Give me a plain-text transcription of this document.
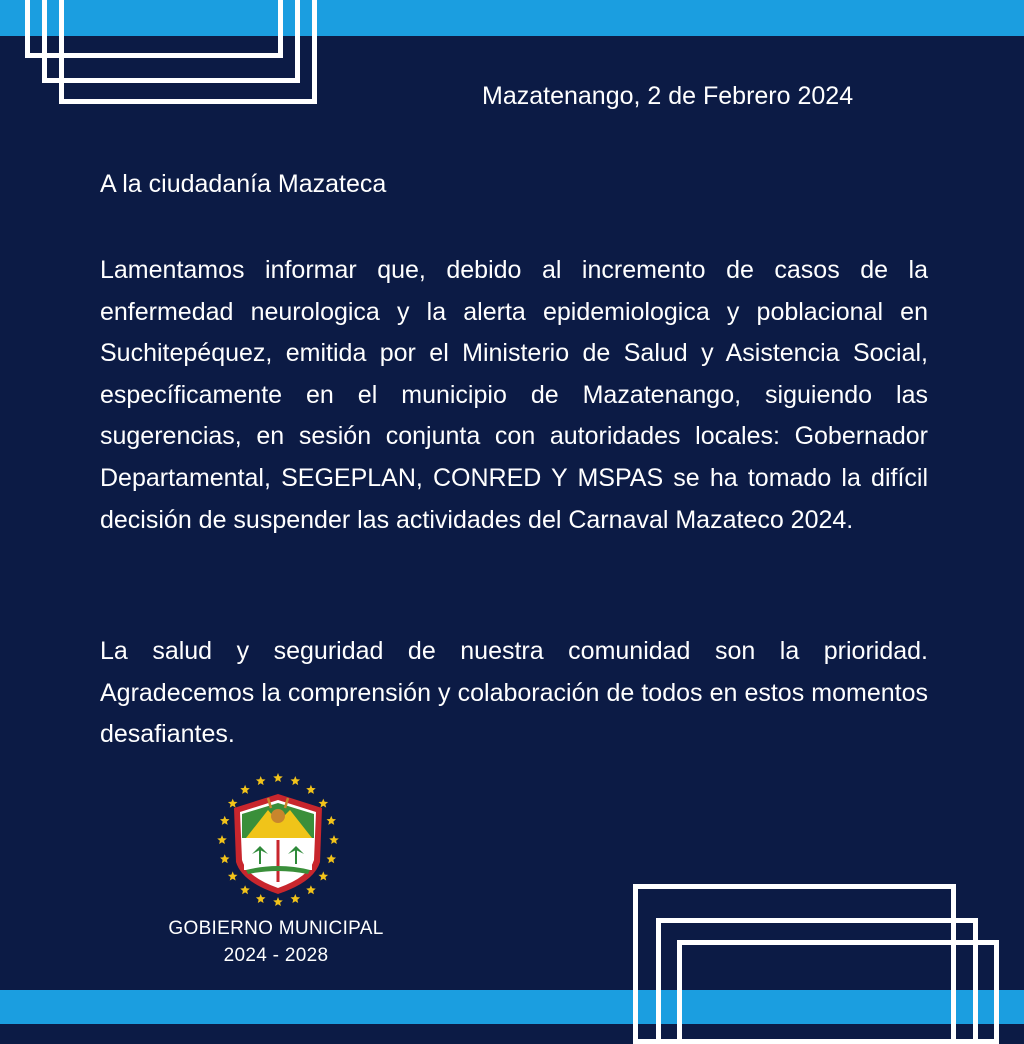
Mazatenango, 2 de Febrero 2024
A la ciudadanía Mazateca

Lamentamos informar que, debido al incremento de casos de la enfermedad neurologica y la alerta epidemiologica y poblacional en Suchitepéquez, emitida por el Ministerio de Salud y Asistencia Social, específicamente en el municipio de Mazatenango, siguiendo las sugerencias, en sesión conjunta con autoridades locales: Gobernador Departamental, SEGEPLAN, CONRED Y MSPAS se ha tomado la difícil decisión de suspender las actividades del Carnaval Mazateco 2024.

La salud y seguridad de nuestra comunidad son la prioridad. Agradecemos la comprensión y colaboración de todos en estos momentos desafiantes.

GOBIERNO MUNICIPAL
2024 - 2028
